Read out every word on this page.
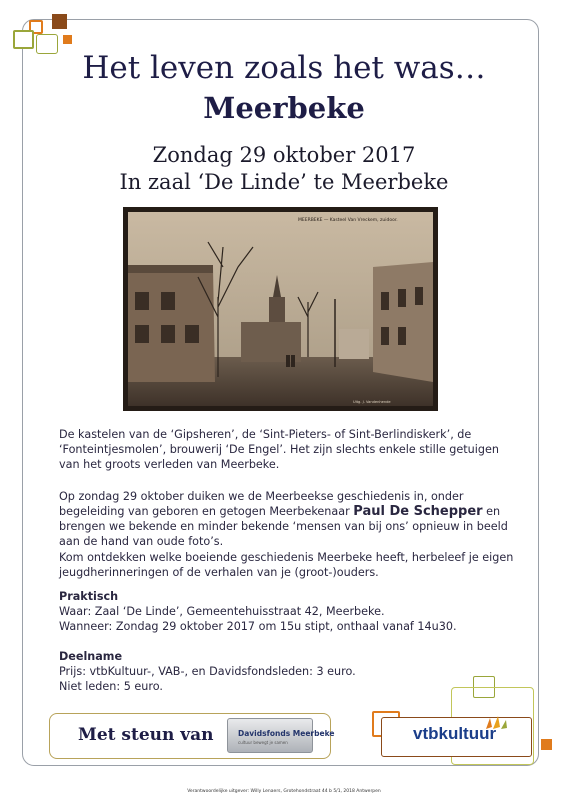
Het leven zoals het was…
Meerbeke
Zondag 29 oktober 2017
In zaal ‘De Linde’ te Meerbeke
MEERBEKE — Kasteel Van Vreckem, zuidoor.
Uitg. J. Vandenhende
De kastelen van de ‘Gipsheren’, de ‘Sint-Pieters- of Sint-Berlindiskerk’, de ‘Fonteintjesmolen’, brouwerij ‘De Engel’. Het zijn slechts enkele stille getuigen van het groots verleden van Meerbeke.
Op zondag 29 oktober duiken we de Meerbeekse geschiedenis in, onder begeleiding van geboren en getogen Meerbekenaar Paul De Schepper en brengen we bekende en minder bekende ‘mensen van bij ons’ opnieuw in beeld aan de hand van oude foto’s.
Kom ontdekken welke boeiende geschiedenis Meerbeke heeft, herbeleef je eigen jeugdherinneringen of de verhalen van je (groot-)ouders.
Praktisch
Waar: Zaal ‘De Linde’, Gemeentehuisstraat 42, Meerbeke.
Wanneer: Zondag 29 oktober 2017 om 15u stipt, onthaal vanaf 14u30.
Deelname
Prijs: vtbKultuur-, VAB-, en Davidsfondsleden: 3 euro.
Niet leden: 5 euro.
Met steun van	Davidsfonds Meerbeke
cultuur bewegt je samen	vtbkultuur
Verantwoordelijke uitgever: Willy Lenaers, Grotehondstraat 44 b 5/1, 2018 Antwerpen
